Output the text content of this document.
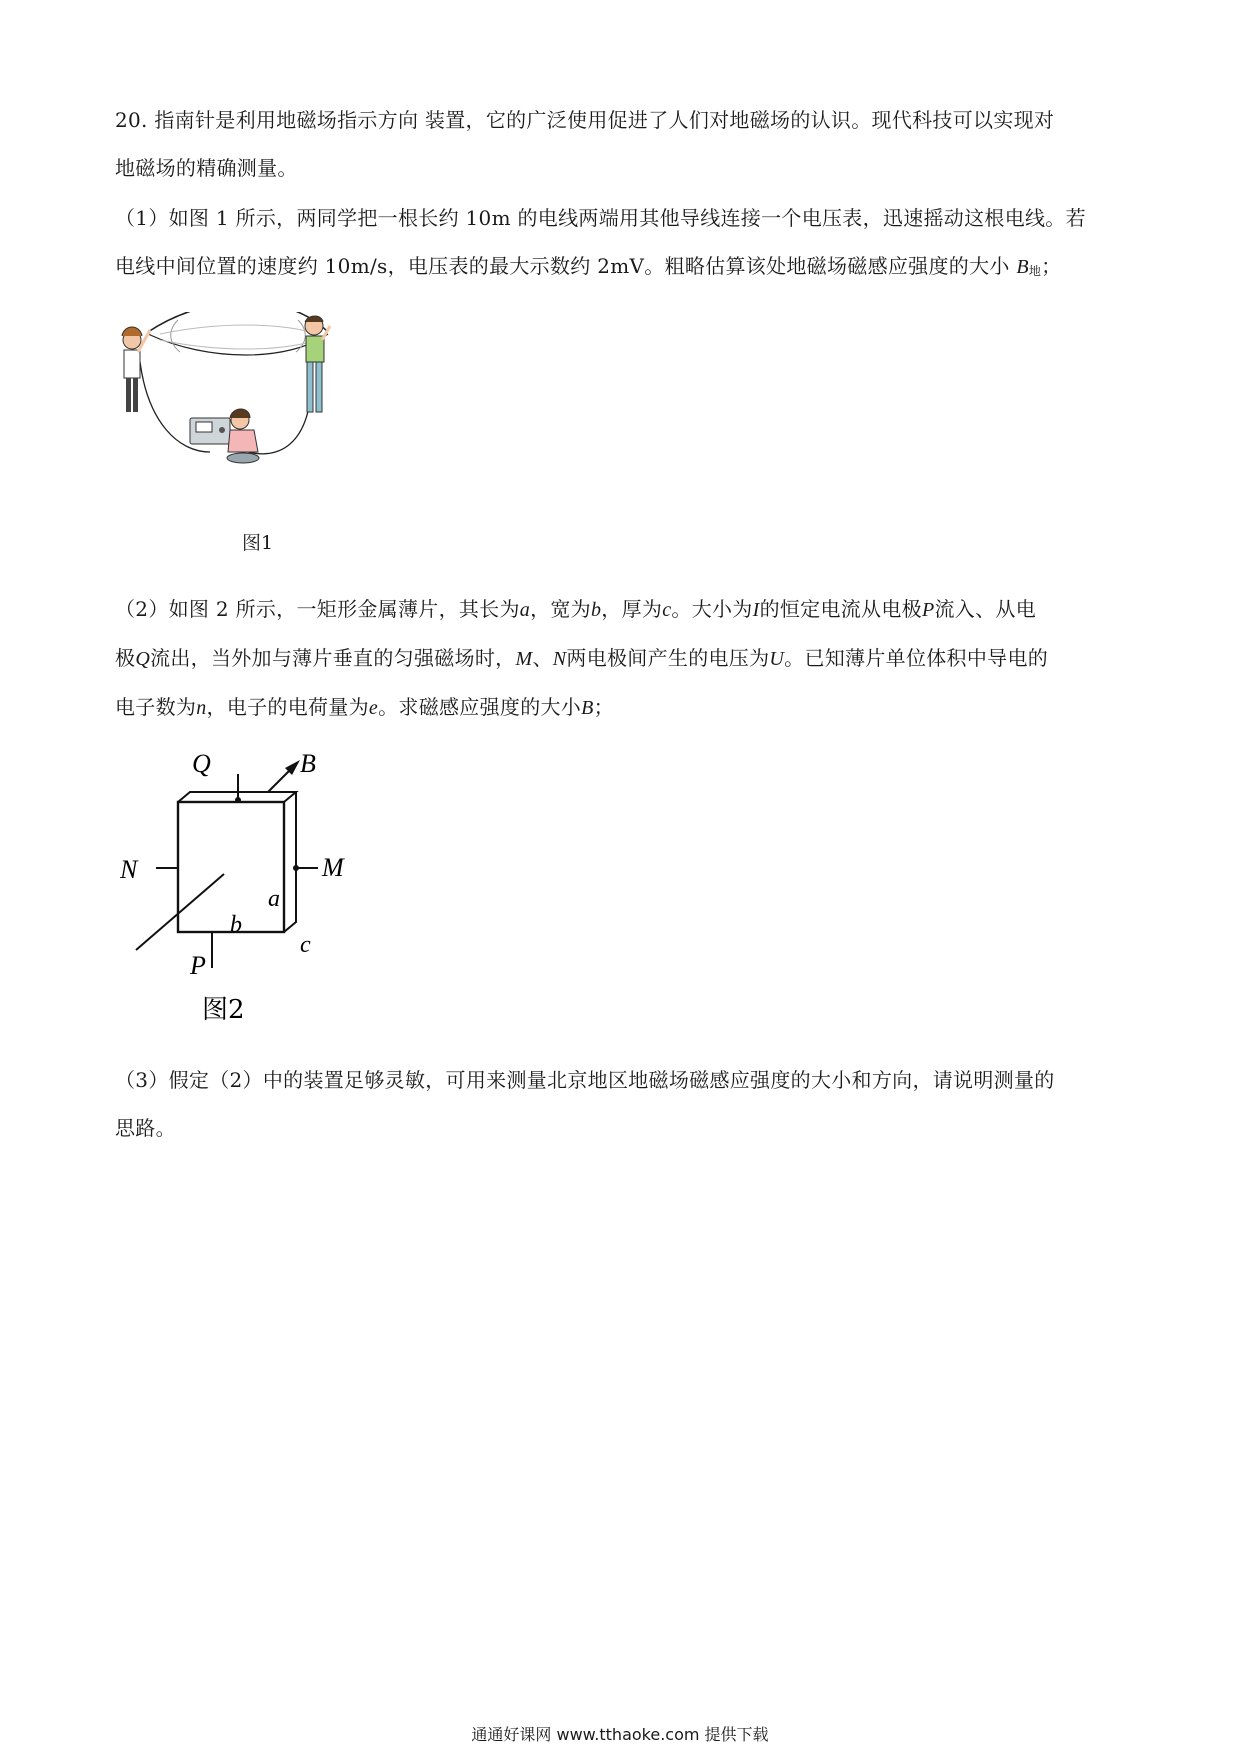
20. 指南针是利用地磁场指示方向 装置，它的广泛使用促进了人们对地磁场的认识。现代科技可以实现对
地磁场的精确测量。
（1）如图 1 所示，两同学把一根长约 10m 的电线两端用其他导线连接一个电压表，迅速摇动这根电线。若
电线中间位置的速度约 10m/s，电压表的最大示数约 2mV。粗略估算该处地磁场磁感应强度的大小 B地；
图1
（2）如图 2 所示，一矩形金属薄片，其长为a，宽为b，厚为c。大小为I的恒定电流从电极P流入、从电
极Q流出，当外加与薄片垂直的匀强磁场时，M、N两电极间产生的电压为U。已知薄片单位体积中导电的
电子数为n，电子的电荷量为e。求磁感应强度的大小B；
Q	B
N	M
a
b
c
P
图2
（3）假定（2）中的装置足够灵敏，可用来测量北京地区地磁场磁感应强度的大小和方向，请说明测量的
思路。
通通好课网 www.tthaoke.com 提供下载
